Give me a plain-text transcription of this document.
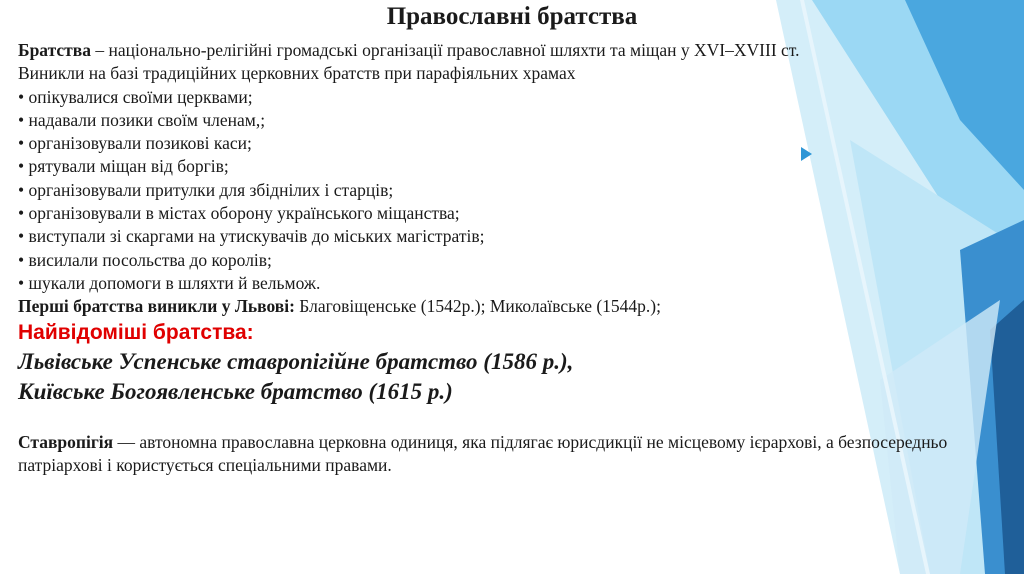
Православні братства
Братства – національно-релігійні громадські організації православної шляхти та міщан у XVI–XVIII ст.
Виникли на базі традиційних церковних братств при парафіяльних храмах
• опікувалися своїми церквами;
• надавали позики своїм членам,;
• організовували позикові каси;
• рятували міщан від боргів;
• організовували притулки для збіднілих і старців;
• організовували в містах оборону українського міщанства;
• виступали зі скаргами на утискувачів до міських магістратів;
• висилали посольства до королів;
• шукали допомоги в шляхти й вельмож.
Перші братства виникли у Львові: Благовіщенське (1542р.); Миколаївське (1544р.);
Найвідоміші братства:
Львівське Успенське ставропігійне братство (1586 р.),
Київське Богоявленське братство (1615 р.)
Ставропігія — автономна православна церковна одиниця, яка підлягає юрисдикції не місцевому ієрархові, а безпосередньо патріархові і користується спеціальними правами.
